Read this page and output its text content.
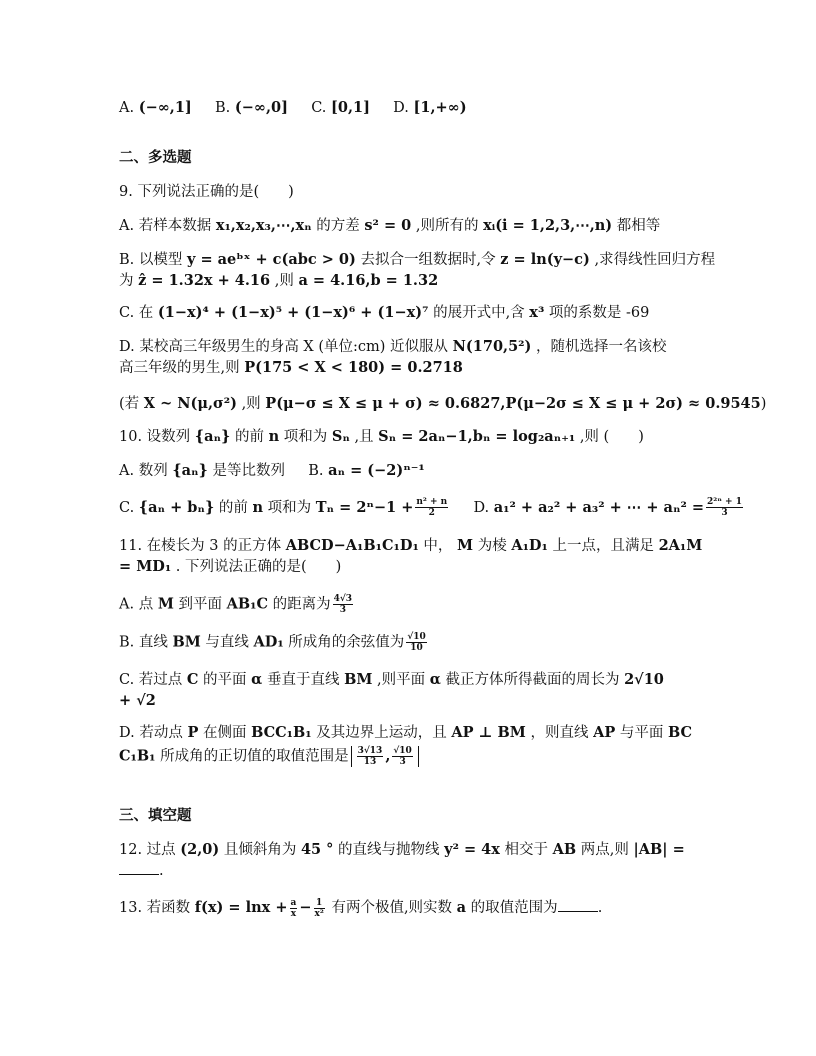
A. (−∞,1] B. (−∞,0] C. [0,1] D. [1,+∞)
二、多选题
9. 下列说法正确的是(　　)
A. 若样本数据 x₁,x₂,x₃,⋯,xₙ 的方差 s² = 0 ,则所有的 xᵢ(i = 1,2,3,⋯,n) 都相等
B. 以模型 y = aeᵇˣ + c(abc > 0) 去拟合一组数据时,令 z = ln(y−c) ,求得线性回归方程
为 ẑ = 1.32x + 4.16 ,则 a = 4.16,b = 1.32
C. 在 (1−x)⁴ + (1−x)⁵ + (1−x)⁶ + (1−x)⁷ 的展开式中,含 x³ 项的系数是 -69
D. 某校高三年级男生的身高 X (单位:cm) 近似服从 N(170,5²) ，随机选择一名该校
高三年级的男生,则 P(175 < X < 180) = 0.2718
(若 X ~ N(μ,σ²) ,则 P(μ−σ ≤ X ≤ μ + σ) ≈ 0.6827,P(μ−2σ ≤ X ≤ μ + 2σ) ≈ 0.9545)
10. 设数列 {aₙ} 的前 n 项和为 Sₙ ,且 Sₙ = 2aₙ−1,bₙ = log₂aₙ₊₁ ,则 (　　)
A. 数列 {aₙ} 是等比数列 B. aₙ = (−2)ⁿ⁻¹
C. {aₙ + bₙ} 的前 n 项和为 $T_n = 2^n-1 + \frac{\text{n² + n}}{2} D$. a₁² + a₂² + a₃² + ⋯ + $a_n^2 = \frac{\text{2²ⁿ + 1}}{3}$
11. 在棱长为 3 的正方体 ABCD−A₁B₁C₁D₁ 中， M 为棱 A₁D₁ 上一点，且满足 2A₁M
= MD₁ . 下列说法正确的是(　　)
A. 点 M 到平面 AB₁C 的距离为 $\frac{4√3}{3}$
B. 直线 BM 与直线 AD₁ 所成角的余弦值为 $\frac{√10}{10}$
C. 若过点 C 的平面 α 垂直于直线 BM ,则平面 α 截正方体所得截面的周长为 2√10
+ √2
D. 若动点 P 在侧面 BCC₁B₁ 及其边界上运动，且 AP ⊥ BM ，则直线 AP 与平面 BC
C₁B₁ 所成角的正切值的取值范围是 $\frac{3√13}{13}$ , $\frac{√10}{3}$
三、填空题
12. 过点 (2,0) 且倾斜角为 45 ° 的直线与抛物线 y² = 4x 相交于 AB 两点,则 |AB| =
.
13. 若函数 $f(x) = \ln x + \frac{a}{x} - \frac{1}{\text{x²}}$ 有两个极值,则实数 a 的取值范围为	.
